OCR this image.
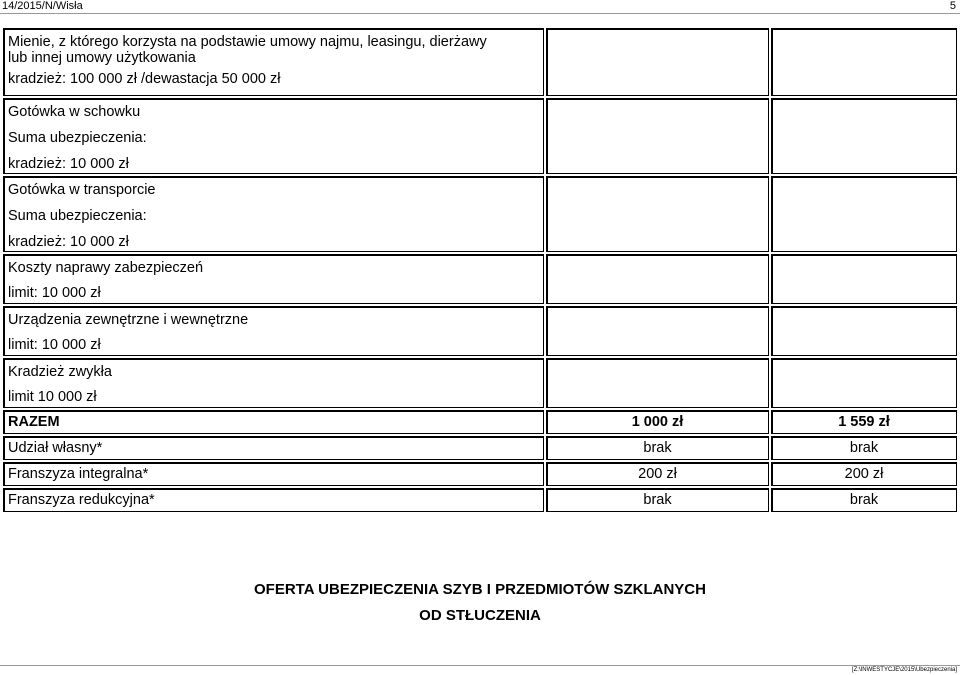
14/2015/N/Wisła	5
Mienie, z którego korzysta na podstawie umowy najmu, leasingu, dierżawy
lub innej umowy użytkowania
kradzież: 100 000 zł /dewastacja 50 000 zł
Gotówka w schowku
Suma ubezpieczenia:
kradzież: 10 000 zł
Gotówka w transporcie
Suma ubezpieczenia:
kradzież: 10 000 zł
Koszty naprawy zabezpieczeń
limit: 10 000 zł
Urządzenia zewnętrzne i wewnętrzne
limit: 10 000 zł
Kradzież zwykła
limit 10 000 zł
RAZEM	1 000 zł	1 559 zł
Udział własny*	brak	brak
Franszyza integralna*	200 zł	200 zł
Franszyza redukcyjna*	brak	brak
OFERTA UBEZPIECZENIA SZYB I PRZEDMIOTÓW SZKLANYCH
OD STŁUCZENIA
[Z:\INWESTYCJE\2015\Ubezpieczenia]
